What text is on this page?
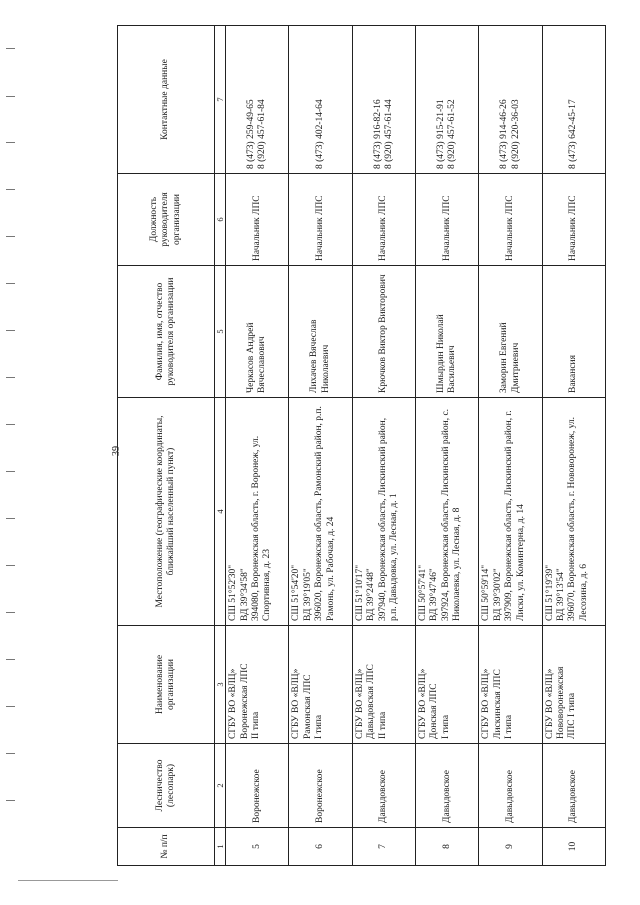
39
№ п/п	Лесничество (лесопарк)	Наименование организации	Местоположение (географические координаты, ближайший населенный пункт)	Фамилия, имя, отчество руководителя организации	Должность руководителя организации	Контактные данные
1	2	3	4	5	6	7
5	Воронежское	СГБУ ВО «ВЛЦ» Воронежская ЛПС II типа	СШ 51°52'30" ВД 39°34'58" 394080, Воронежская область, г. Воронеж, ул. Спортивная, д. 23	Черкасов Андрей Вячеславович	Начальник ЛПС	8 (473) 259-49-65 8 (920) 457-61-84

6	Воронежское	СГБУ ВО «ВЛЦ» Рамонская ЛПС I типа	СШ 51°54'20" ВД 39°19'05" 396020, Воронежская область, Рамонский район, р.п. Рамонь, ул. Рабочая, д. 24	Лихачев Вячеслав Николаевич	Начальник ЛПС	8 (473) 402-14-64

7	Давыдовское	СГБУ ВО «ВЛЦ» Давыдовская ЛПС II типа	СШ 51°10'17" ВД 39°24'48" 397940, Воронежская область, Лискинский район, р.п. Давыдовка, ул. Лесная, д. 1	Крючков Виктор Викторович	Начальник ЛПС	8 (473) 916-82-16 8 (920) 457-61-44

8	Давыдовское	СГБУ ВО «ВЛЦ» Донская ЛПС I типа	СШ 50°57'41" ВД 39°47'46" 397924, Воронежская область, Лискинский район, с. Николаевка, ул. Лесная, д. 8	Шмырдин Николай Васильевич	Начальник ЛПС	8 (473) 915-21-91 8 (920) 457-61-52

9	Давыдовское	СГБУ ВО «ВЛЦ» Лискинская ЛПС I типа	СШ 50°59'14" ВД 39°30'02" 397909, Воронежская область, Лискинский район, г. Лиски, ул. Коминтерна, д. 14	Заморин Евгений Дмитриевич	Начальник ЛПС	8 (473) 914-46-26 8 (920) 220-36-03

10	Давыдовское	СГБУ ВО «ВЛЦ» Нововоронежская ЛПС I типа	СШ 51°19'39" ВД 39°13'54" 396070, Воронежская область, г. Нововоронеж, ул. Лесозина, д. 6	Вакансия	Начальник ЛПС	8 (473) 642-45-17
